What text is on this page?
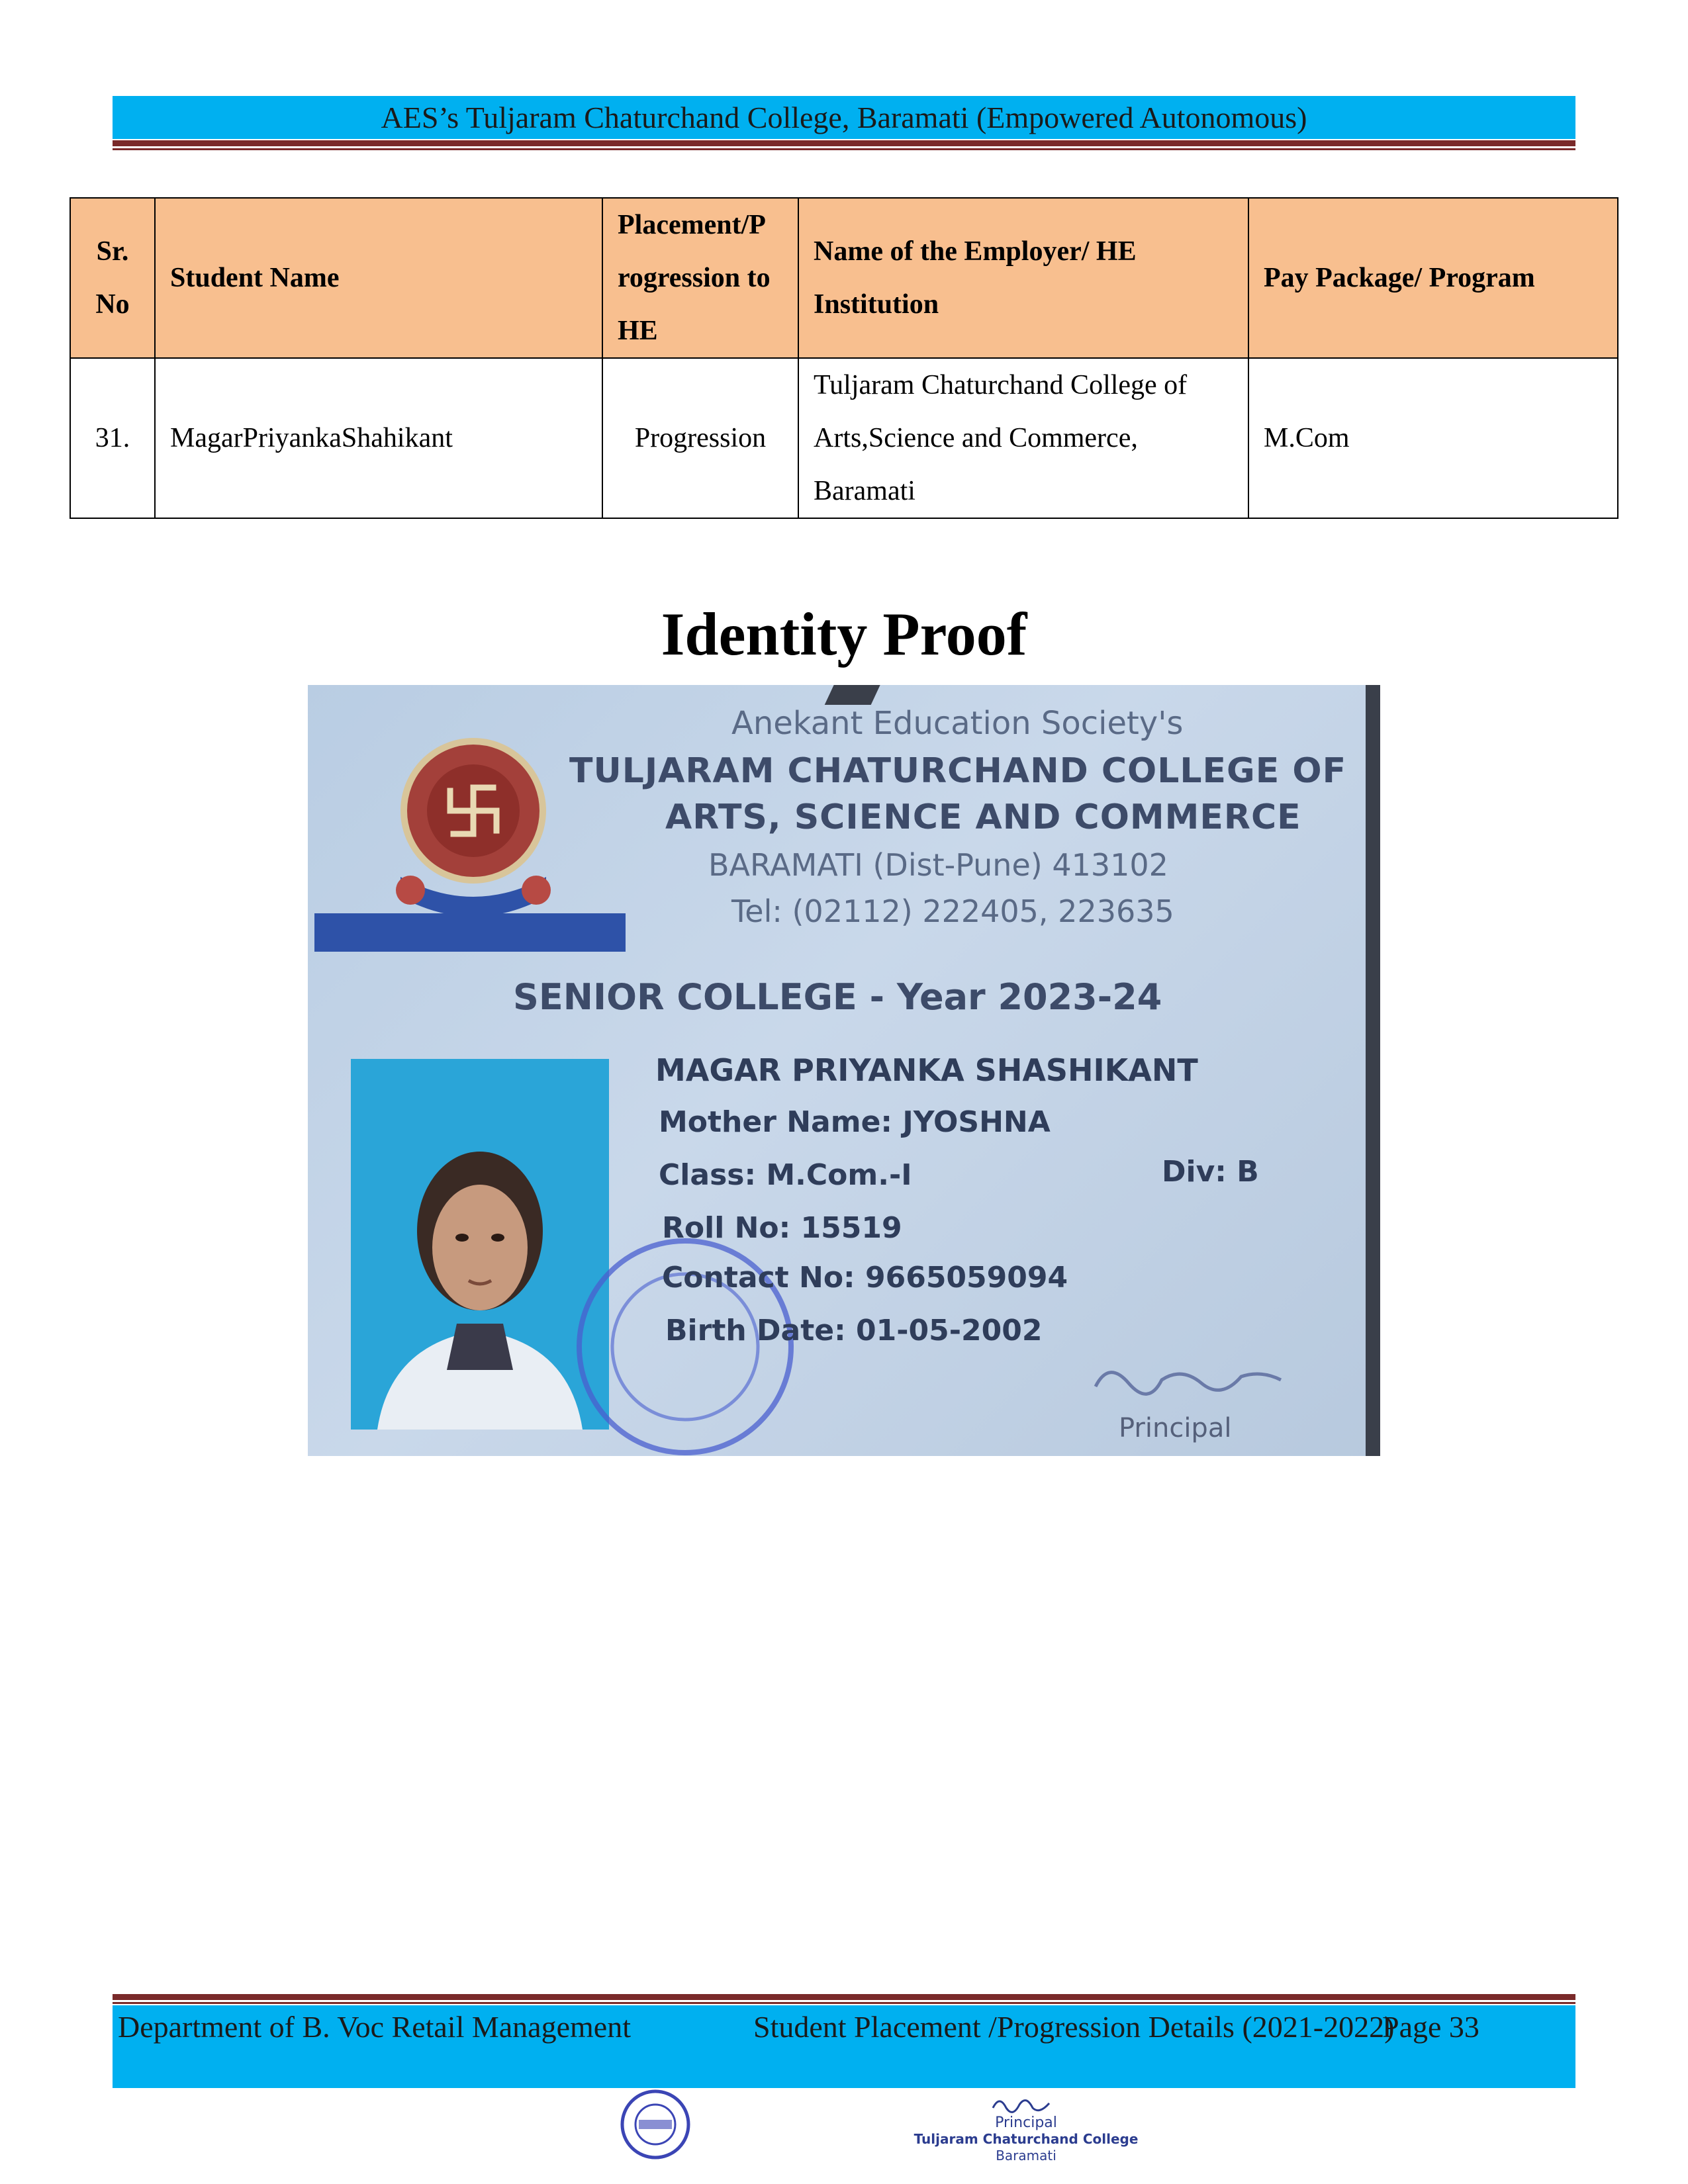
AES’s Tuljaram Chaturchand College, Baramati (Empowered Autonomous)
Sr. No	Student Name	Placement/P rogression to HE	Name of the Employer/ HE Institution	Pay Package/ Program
31.	MagarPriyankaShahikant	Progression	Tuljaram Chaturchand College of Arts,Science and Commerce, Baramati	M.Com
Identity Proof
Anekant Education Society's
TULJARAM CHATURCHAND COLLEGE OF
ARTS, SCIENCE AND COMMERCE
BARAMATI (Dist-Pune) 413102
Tel: (02112) 222405, 223635
SENIOR COLLEGE - Year 2023-24
MAGAR PRIYANKA SHASHIKANT
Mother Name: JYOSHNA
Class: M.Com.-I	Div: B
Roll No: 15519
Contact No: 9665059094
Birth Date: 01-05-2002
Principal
Department of B. Voc Retail Management	Student Placement /Progression Details (2021-2022)
Page 33
Principal
Tuljaram Chaturchand College
Baramati
